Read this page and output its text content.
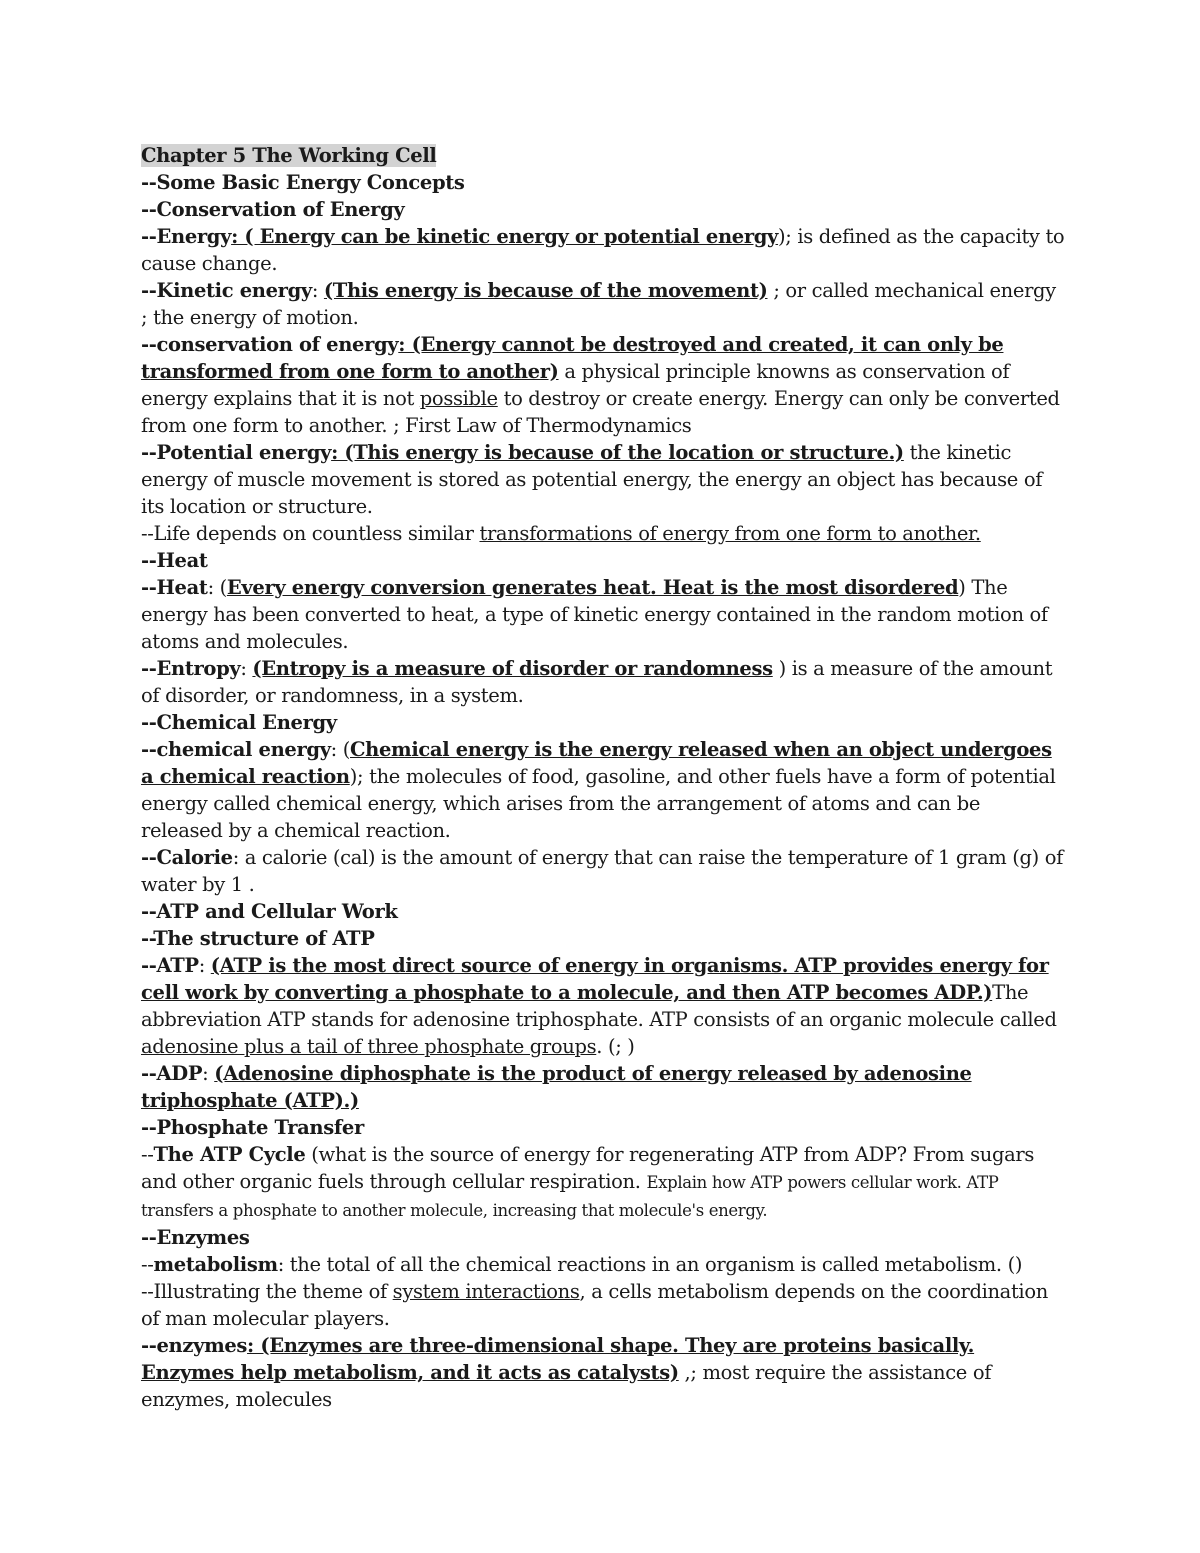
Chapter 5 The Working Cell

--Some Basic Energy Concepts

--Conservation of Energy

--Energy: ( Energy can be kinetic energy or potential energy); is defined as the capacity to cause change.

--Kinetic energy: (This energy is because of the movement) ; or called mechanical energy ; the energy of motion.

--conservation of energy: (Energy cannot be destroyed and created, it can only be transformed from one form to another) a physical principle knowns as conservation of energy explains that it is not possible to destroy or create energy. Energy can only be converted from one form to another. ; First Law of Thermodynamics

--Potential energy: (This energy is because of the location or structure.) the kinetic energy of muscle movement is stored as potential energy, the energy an object has because of its location or structure.

--Life depends on countless similar transformations of energy from one form to another.

--Heat

--Heat: (Every energy conversion generates heat. Heat is the most disordered) The energy has been converted to heat, a type of kinetic energy contained in the random motion of atoms and molecules.

--Entropy: (Entropy is a measure of disorder or randomness ) is a measure of the amount of disorder, or randomness, in a system.

--Chemical Energy

--chemical energy: (Chemical energy is the energy released when an object undergoes a chemical reaction); the molecules of food, gasoline, and other fuels have a form of potential energy called chemical energy, which arises from the arrangement of atoms and can be released by a chemical reaction.

--Calorie: a calorie (cal) is the amount of energy that can raise the temperature of 1 gram (g) of water by 1 .

--ATP and Cellular Work

--The structure of ATP

--ATP: (ATP is the most direct source of energy in organisms. ATP provides energy for cell work by converting a phosphate to a molecule, and then ATP becomes ADP.)The abbreviation ATP stands for adenosine triphosphate. ATP consists of an organic molecule called adenosine plus a tail of three phosphate groups. (; )

--ADP: (Adenosine diphosphate is the product of energy released by adenosine triphosphate (ATP).)

--Phosphate Transfer

--The ATP Cycle (what is the source of energy for regenerating ATP from ADP? From sugars and other organic fuels through cellular respiration. Explain how ATP powers cellular work. ATP transfers a phosphate to another molecule, increasing that molecule's energy.

--Enzymes

--metabolism: the total of all the chemical reactions in an organism is called metabolism. ()

--Illustrating the theme of system interactions, a cells metabolism depends on the coordination of man molecular players.

--enzymes: (Enzymes are three-dimensional shape. They are proteins basically. Enzymes help metabolism, and it acts as catalysts) ,; most require the assistance of enzymes, molecules
